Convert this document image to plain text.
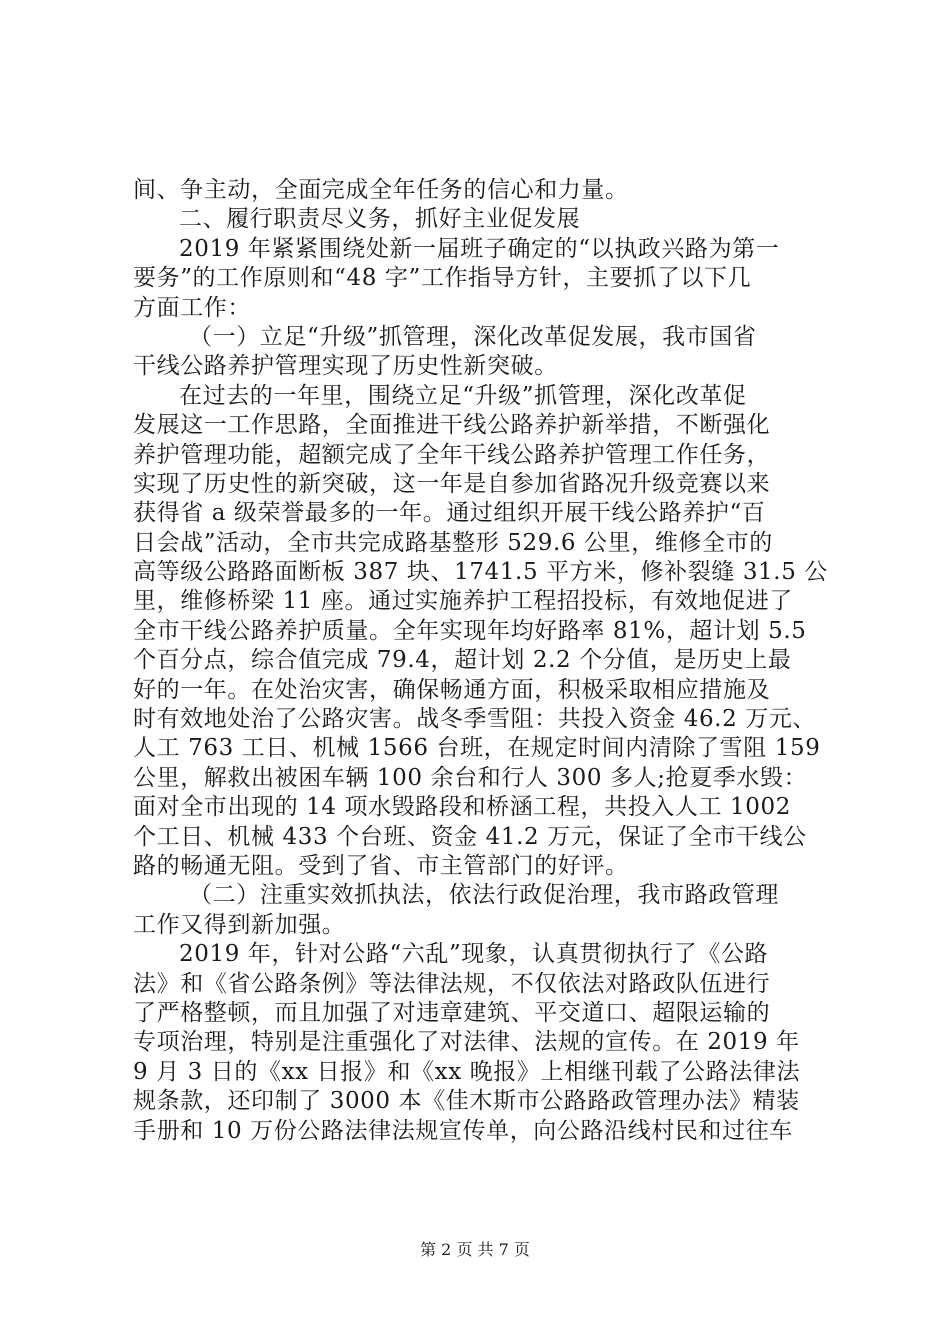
间、争主动，全面完成全年任务的信心和力量。
二、履行职责尽义务，抓好主业促发展
2019 年紧紧围绕处新一届班子确定的“以执政兴路为第一
要务”的工作原则和“48 字”工作指导方针，主要抓了以下几
方面工作：
（一）立足“升级”抓管理，深化改革促发展，我市国省
干线公路养护管理实现了历史性新突破。
在过去的一年里，围绕立足“升级”抓管理，深化改革促
发展这一工作思路，全面推进干线公路养护新举措，不断强化
养护管理功能，超额完成了全年干线公路养护管理工作任务，
实现了历史性的新突破，这一年是自参加省路况升级竞赛以来
获得省 a 级荣誉最多的一年。通过组织开展干线公路养护“百
日会战”活动，全市共完成路基整形 529.6 公里，维修全市的
高等级公路路面断板 387 块、1741.5 平方米，修补裂缝 31.5 公
里，维修桥梁 11 座。通过实施养护工程招投标，有效地促进了
全市干线公路养护质量。全年实现年均好路率 81%，超计划 5.5
个百分点，综合值完成 79.4，超计划 2.2 个分值，是历史上最
好的一年。在处治灾害，确保畅通方面，积极采取相应措施及
时有效地处治了公路灾害。战冬季雪阻：共投入资金 46.2 万元、
人工 763 工日、机械 1566 台班，在规定时间内清除了雪阻 159
公里，解救出被困车辆 100 余台和行人 300 多人;抢夏季水毁：
面对全市出现的 14 项水毁路段和桥涵工程，共投入人工 1002
个工日、机械 433 个台班、资金 41.2 万元，保证了全市干线公
路的畅通无阻。受到了省、市主管部门的好评。
（二）注重实效抓执法，依法行政促治理，我市路政管理
工作又得到新加强。
2019 年，针对公路“六乱”现象，认真贯彻执行了《公路
法》和《省公路条例》等法律法规，不仅依法对路政队伍进行
了严格整顿，而且加强了对违章建筑、平交道口、超限运输的
专项治理，特别是注重强化了对法律、法规的宣传。在 2019 年
9 月 3 日的《xx 日报》和《xx 晚报》上相继刊载了公路法律法
规条款，还印制了 3000 本《佳木斯市公路路政管理办法》精装
手册和 10 万份公路法律法规宣传单，向公路沿线村民和过往车
第 2 页 共 7 页
